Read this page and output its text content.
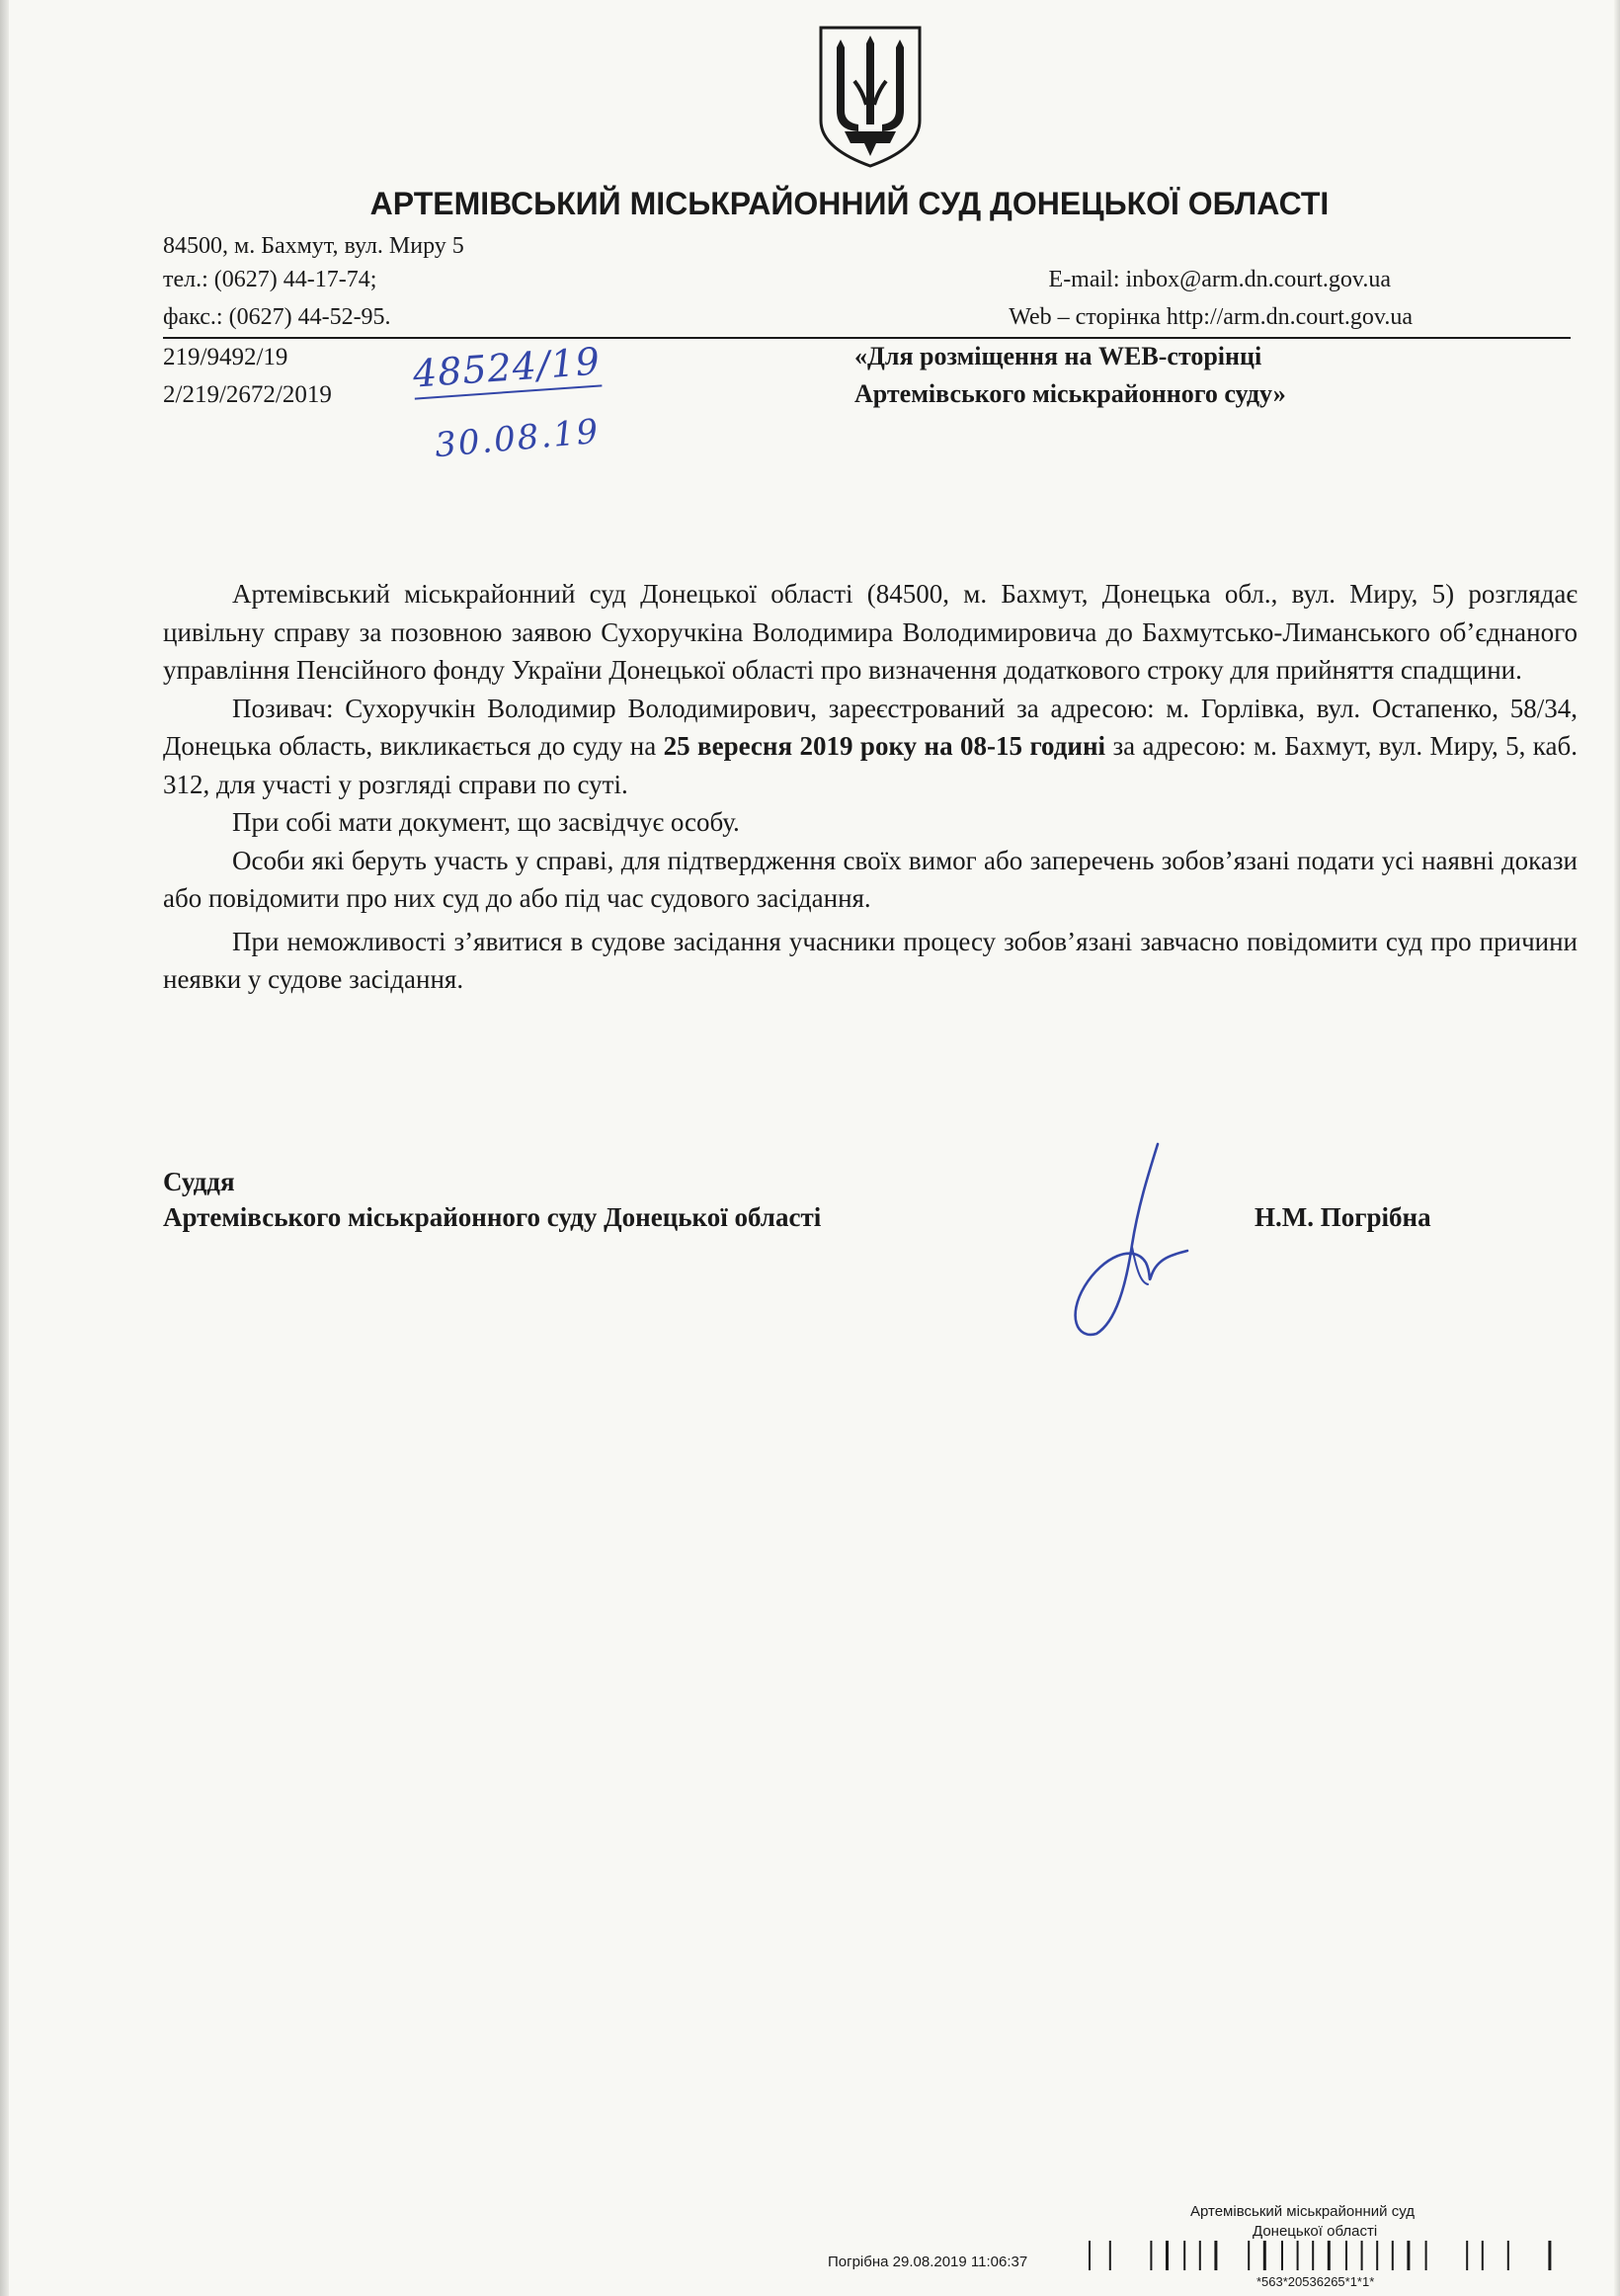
АРТЕМІВСЬКИЙ МІСЬКРАЙОННИЙ СУД ДОНЕЦЬКОЇ ОБЛАСТІ
84500, м. Бахмут, вул. Миру 5
тел.: (0627) 44-17-74;	E-mail: inbox@arm.dn.court.gov.ua
факс.: (0627) 44-52-95.	Web – сторінка http://arm.dn.court.gov.ua
219/9492/19
2/219/2672/2019
«Для розміщення на WEB-сторінці
Артемівського міськрайонного суду»
48524/19
30.08.19

Артемівський міськрайонний суд Донецької області (84500, м. Бахмут, Донецька обл., вул. Миру, 5) розглядає цивільну справу за позовною заявою Сухоручкіна Володимира Володимировича до Бахмутсько-Лиманського об’єднаного управління Пенсійного фонду України Донецької області про визначення додаткового строку для прийняття спадщини.

Позивач: Сухоручкін Володимир Володимирович, зареєстрований за адресою: м. Горлівка, вул. Остапенко, 58/34, Донецька область, викликається до суду на 25 вересня 2019 року на 08-15 годині за адресою: м. Бахмут, вул. Миру, 5, каб. 312, для участі у розгляді справи по суті.

При собі мати документ, що засвідчує особу.

Особи які беруть участь у справі, для підтвердження своїх вимог або заперечень зобов’язані подати усі наявні докази або повідомити про них суд до або під час судового засідання.

При неможливості з’явитися в судове засідання учасники процесу зобов’язані завчасно повідомити суд про причини неявки у судове засідання.

Суддя
Артемівського міськрайонного суду Донецької області	Н.М. Погрібна
Артемівський міськрайонний суд
Донецької області
Погрібна 29.08.2019 11:06:37
*563*20536265*1*1*
